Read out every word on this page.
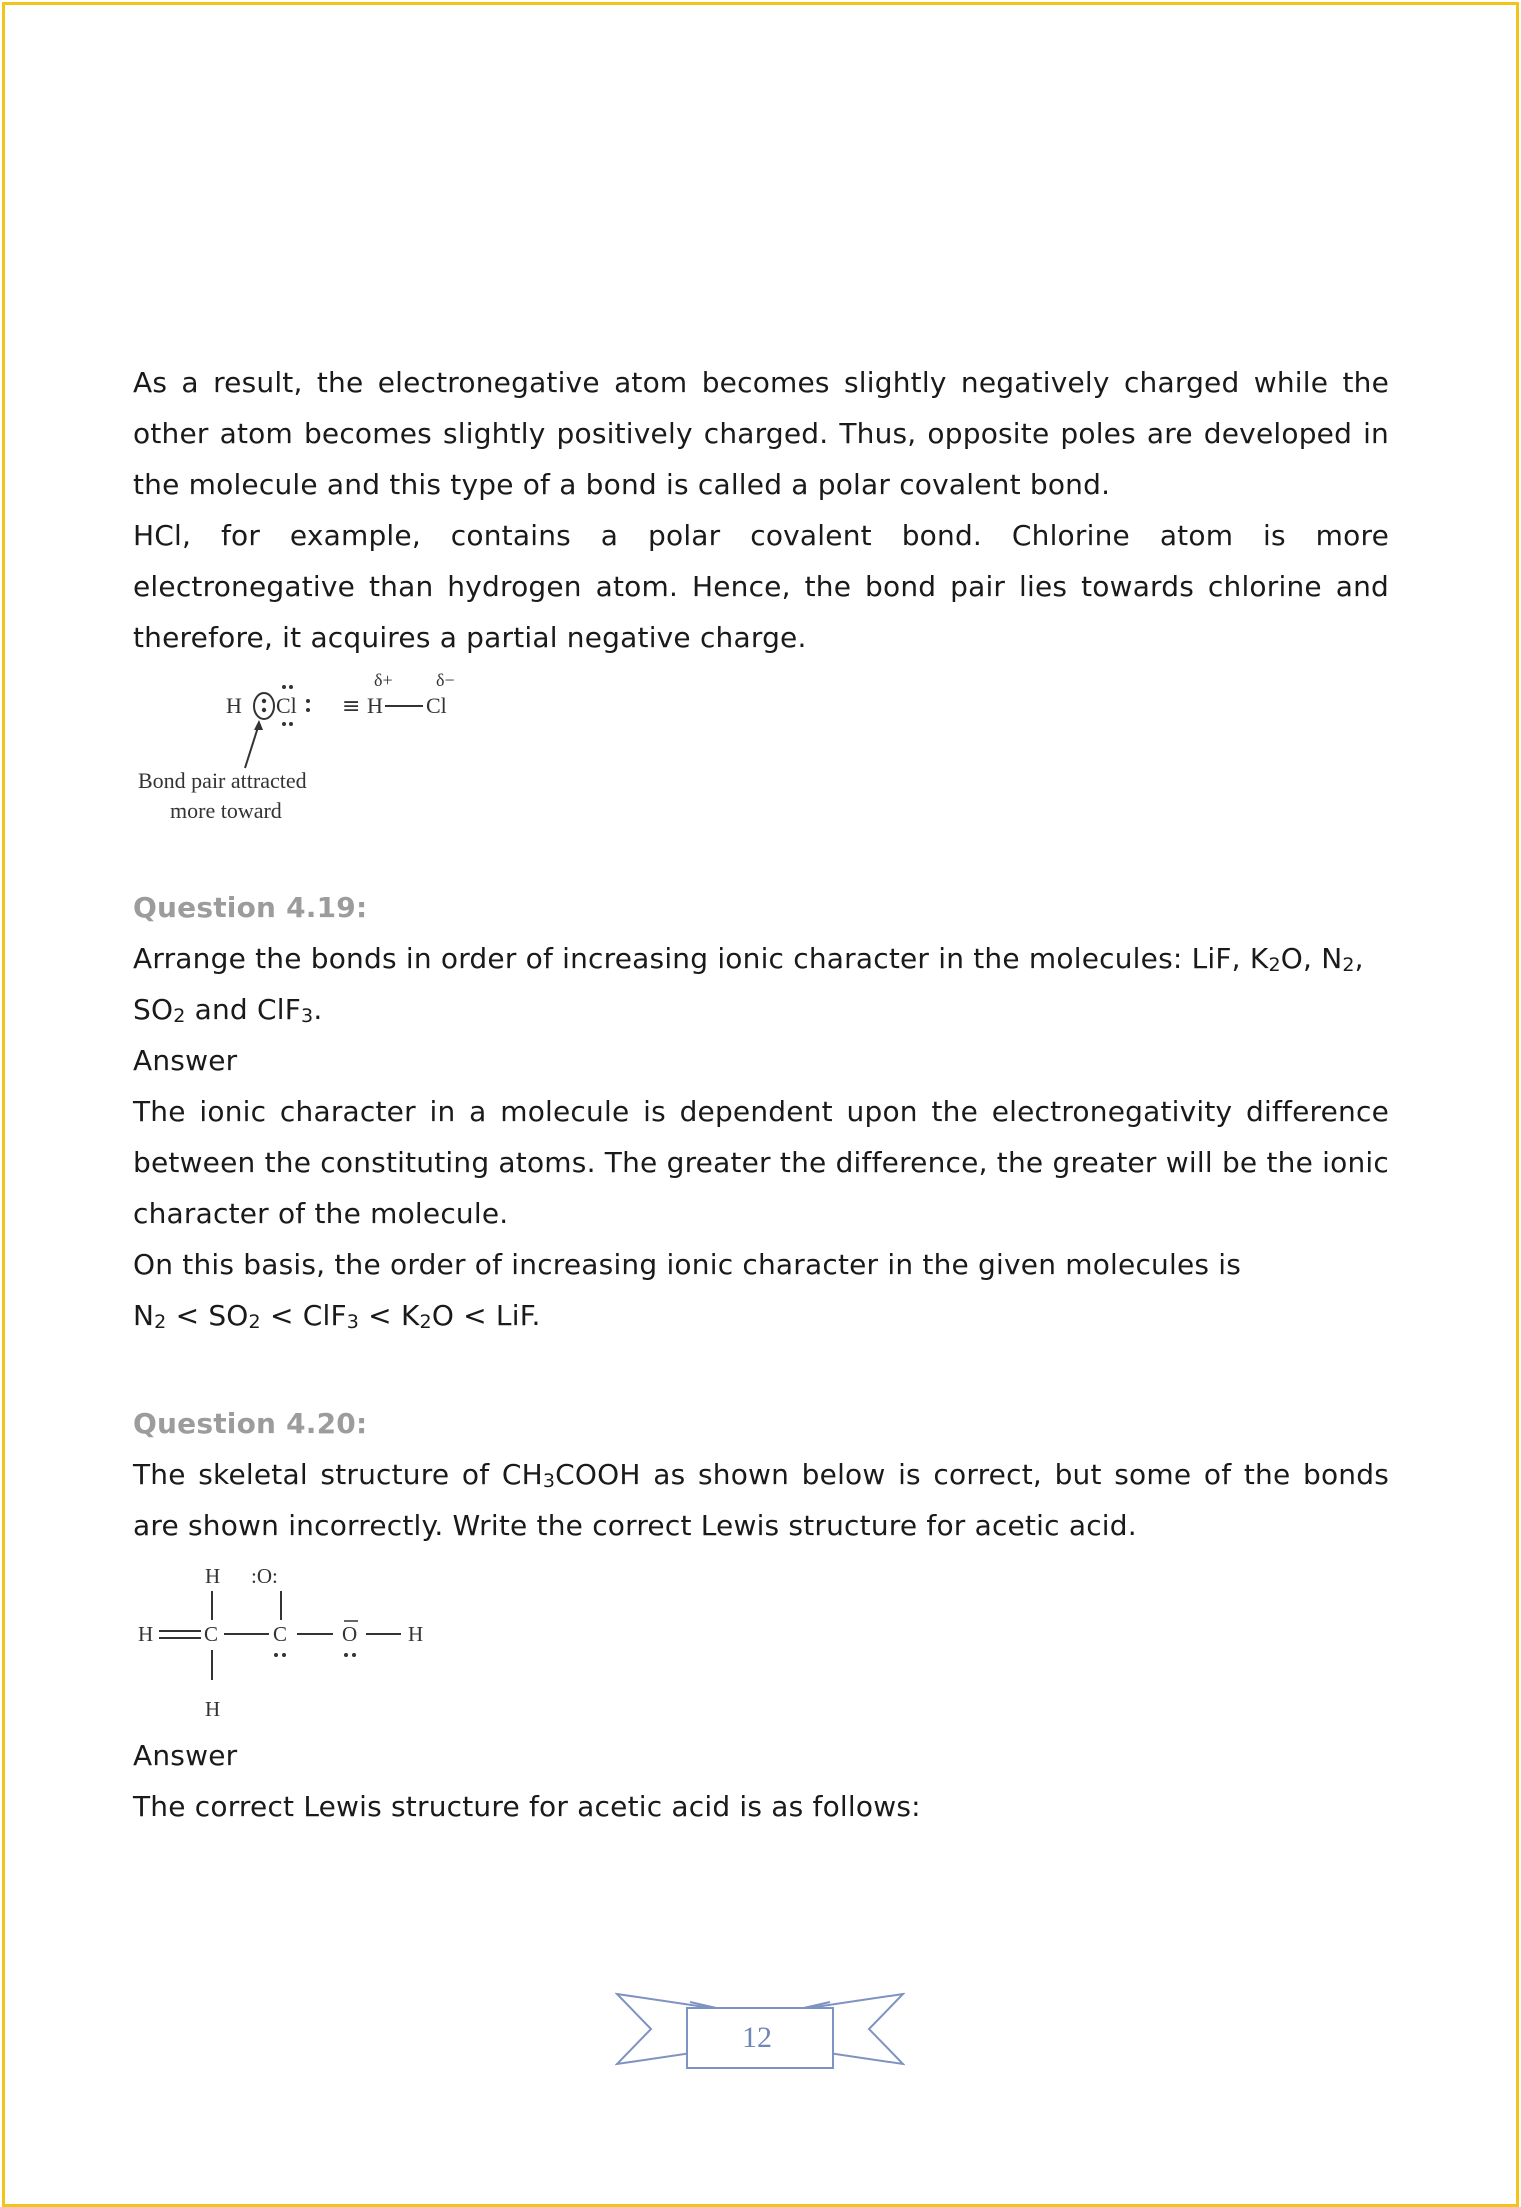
As a result, the electronegative atom becomes slightly negatively charged while the other atom becomes slightly positively charged. Thus, opposite poles are developed in the molecule and this type of a bond is called a polar covalent bond.

HCl, for example, contains a polar covalent bond. Chlorine atom is more electronegative than hydrogen atom. Hence, the bond pair lies towards chlorine and therefore, it acquires a partial negative charge.

H Cl ≡ H Cl
δ+ δ−
Bond pair attracted
more toward

Question 4.19:

Arrange the bonds in order of increasing ionic character in the molecules: LiF, $K_2O$, $N_2$,
$SO_2$ and ClF$_3$.

Answer

The ionic character in a molecule is dependent upon the electronegativity difference between the constituting atoms. The greater the difference, the greater will be the ionic character of the molecule.

On this basis, the order of increasing ionic character in the given molecules is

$N_2 < SO_2 < ClF_3 < K_2O$ < LiF.

Question 4.20:

The skeletal structure of $CH_3COOH$ as shown below is correct, but some of the bonds are shown incorrectly. Write the correct Lewis structure for acetic acid.

H :O:
H C	C	O H
H

Answer

The correct Lewis structure for acetic acid is as follows:

12
